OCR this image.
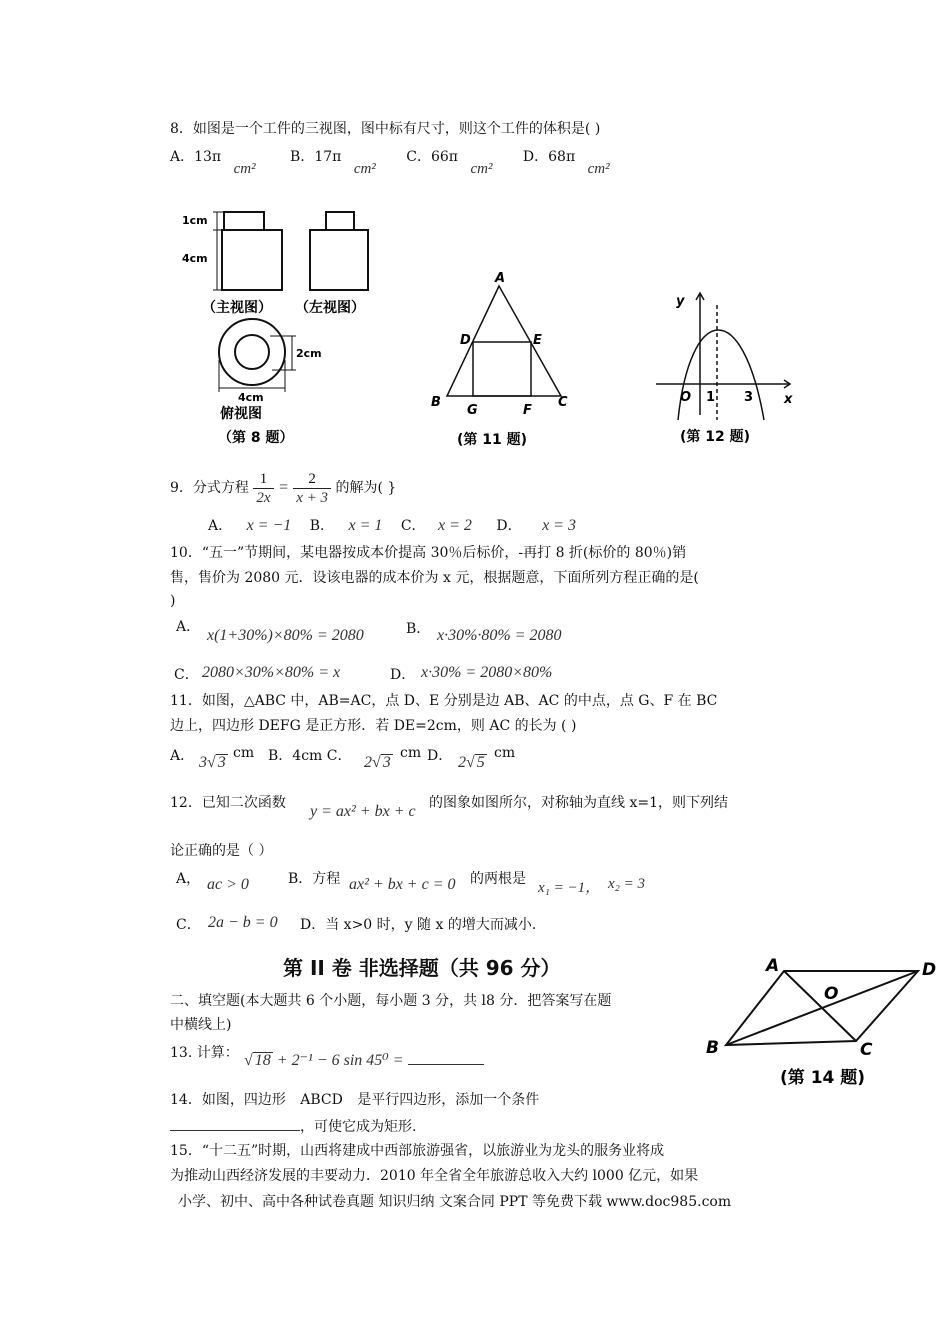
8．如图是一个工件的三视图，图中标有尺寸，则这个工件的体积是( )
A．13π cm² B．17π cm² C．66π cm² D．68π cm²
1cm
4cm
（主视图） （左视图）
2cm
4cm
俯视图
（第 8 题）
A
D	E
B
G	F
C
(第 11 题)
y
x
O 1 3
(第 12 题)
9．分式方程 $\frac{1}{2x} = \frac{2}{x + 3}$ 的解为( }
A． x = −1 B． x = 1 C． x = 2 D． x = 3
10．“五一”节期间，某电器按成本价提高 30％后标价，-再打 8 折(标价的 80％)销
售，售价为 2080 元．设该电器的成本价为 x 元，根据题意，下面所列方程正确的是(
)
A． x(1+30%)×80% = 2080	B． x·30%·80% = 2080
C． 2080×30%×80% = x	D． x·30% = 2080×80%
11．如图，△ABC 中，AB=AC，点 D、E 分别是边 AB、AC 的中点，点 G、F 在 BC
边上，四边形 DEFG 是正方形．若 DE=2cm，则 AC 的长为 ( )
A． 3√ 3
cm B．4cm C． 2√ 3
cm D． 2√ 5
cm
12．已知二次函数 y = ax² + bx + c 的图象如图所尔，对称轴为直线 x=1，则下列结
论正确的是（ ）
A， ac > 0	B．方程 ax² + bx + c = 0 的两根是
x₁ = −1， x₂ = 3
C． 2a − b = 0 D．当 x>0 时，y 随 x 的增大而减小．
第 II 卷 非选择题（共 96 分）
二、填空题(本大题共 6 个小题，每小题 3 分，共 l8 分．把答案写在题
中横线上)
13. 计算： √ 18 + 2⁻¹ − 6 sin 45⁰ =
14．如图，四边形 ABCD 是平行四边形，添加一个条件
，可使它成为矩形.
A	D
O
B	C
(第 14 题)
15．“十二五”时期，山西将建成中西部旅游强省，以旅游业为龙头的服务业将成
为推动山西经济发展的丰要动力．2010 年全省全年旅游总收入大约 l000 亿元，如果
小学、初中、高中各种试卷真题 知识归纳 文案合同 PPT 等免费下载 www.doc985.com
